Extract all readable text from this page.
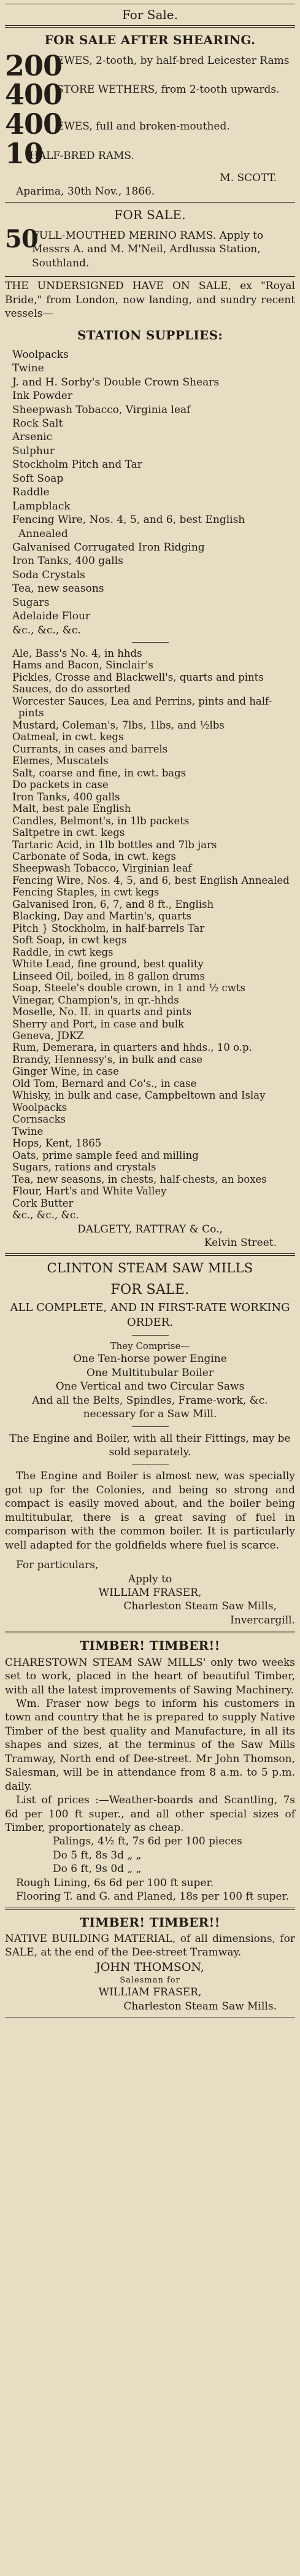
For Sale.
FOR SALE AFTER SHEARING.
200
EWES, 2-tooth, by half-bred Leicester Rams
400
STORE WETHERS, from 2-tooth upwards.
400
EWES, full and broken-mouthed.
10
HALF-BRED RAMS.
M. SCOTT.
Aparima, 30th Nov., 1866.
FOR SALE.
50
FULL-MOUTHED MERINO RAMS. Apply to Messrs A. and M. M'Neil, Ardlussa Station, Southland.

THE UNDERSIGNED HAVE ON SALE, ex "Royal Bride," from London, now landing, and sundry recent vessels—

STATION SUPPLIES:
Woolpacks
Twine
J. and H. Sorby's Double Crown Shears
Ink Powder
Sheepwash Tobacco, Virginia leaf
Rock Salt
Arsenic
Sulphur
Stockholm Pitch and Tar
Soft Soap
Raddle
Lampblack
Fencing Wire, Nos. 4, 5, and 6, best English Annealed
Galvanised Corrugated Iron Ridging
Iron Tanks, 400 galls
Soda Crystals
Tea, new seasons
Sugars
Adelaide Flour
&c., &c., &c.
Ale, Bass's No. 4, in hhds
Hams and Bacon, Sinclair's
Pickles, Crosse and Blackwell's, quarts and pints
Sauces, do do assorted
Worcester Sauces, Lea and Perrins, pints and half-pints
Mustard, Coleman's, 7lbs, 1lbs, and ½lbs
Oatmeal, in cwt. kegs
Currants, in cases and barrels
Elemes, Muscatels
Salt, coarse and fine, in cwt. bags
Do packets in case
Iron Tanks, 400 galls
Malt, best pale English
Candles, Belmont's, in 1lb packets
Saltpetre in cwt. kegs
Tartaric Acid, in 1lb bottles and 7lb jars
Carbonate of Soda, in cwt. kegs
Sheepwash Tobacco, Virginian leaf
Fencing Wire, Nos. 4, 5, and 6, best English Annealed
Fencing Staples, in cwt kegs
Galvanised Iron, 6, 7, and 8 ft., English
Blacking, Day and Martin's, quarts
Pitch } Stockholm, in half-barrels Tar
Soft Soap, in cwt kegs
Raddle, in cwt kegs
White Lead, fine ground, best quality
Linseed Oil, boiled, in 8 gallon drums
Soap, Steele's double crown, in 1 and ½ cwts
Vinegar, Champion's, in qr.-hhds
Moselle, No. II. in quarts and pints
Sherry and Port, in case and bulk
Geneva, JDKZ
Rum, Demerara, in quarters and hhds., 10 o.p.
Brandy, Hennessy's, in bulk and case
Ginger Wine, in case
Old Tom, Bernard and Co's., in case
Whisky, in bulk and case, Campbeltown and Islay
Woolpacks
Cornsacks
Twine
Hops, Kent, 1865
Oats, prime sample feed and milling
Sugars, rations and crystals
Tea, new seasons, in chests, half-chests, an boxes
Flour, Hart's and White Valley
Cork Butter
&c., &c., &c.
DALGETY, RATTRAY & Co.,
Kelvin Street.
CLINTON STEAM SAW MILLS
FOR SALE.
ALL COMPLETE, AND IN FIRST-RATE WORKING ORDER.
They Comprise—
One Ten-horse power Engine
One Multitubular Boiler
One Vertical and two Circular Saws
And all the Belts, Spindles, Frame-work, &c. necessary for a Saw Mill.
The Engine and Boiler, with all their Fittings, may be sold separately.

The Engine and Boiler is almost new, was specially got up for the Colonies, and being so strong and compact is easily moved about, and the boiler being multitubular, there is a great saving of fuel in comparison with the common boiler. It is particularly well adapted for the goldfields where fuel is scarce.

For particulars,
Apply to
WILLIAM FRASER,
Charleston Steam Saw Mills,
Invercargill.
TIMBER! TIMBER!!

CHARESTOWN STEAM SAW MILLS' only two weeks set to work, placed in the heart of beautiful Timber, with all the latest improvements of Sawing Machinery.

Wm. Fraser now begs to inform his customers in town and country that he is prepared to supply Native Timber of the best quality and Manufacture, in all its shapes and sizes, at the terminus of the Saw Mills Tramway, North end of Dee-street. Mr John Thomson, Salesman, will be in attendance from 8 a.m. to 5 p.m. daily.

List of prices :—Weather-boards and Scantling, 7s 6d per 100 ft super., and all other special sizes of Timber, proportionately as cheap.

Palings, 4½ ft, 7s 6d per 100 pieces
Do 5 ft, 8s 3d „ „
Do 6 ft, 9s 0d „ „

Rough Lining, 6s 6d per 100 ft super.

Flooring T. and G. and Planed, 18s per 100 ft super.

TIMBER! TIMBER!!

NATIVE BUILDING MATERIAL, of all dimensions, for SALE, at the end of the Dee-street Tramway.

JOHN THOMSON,
Salesman for
WILLIAM FRASER,
Charleston Steam Saw Mills.
